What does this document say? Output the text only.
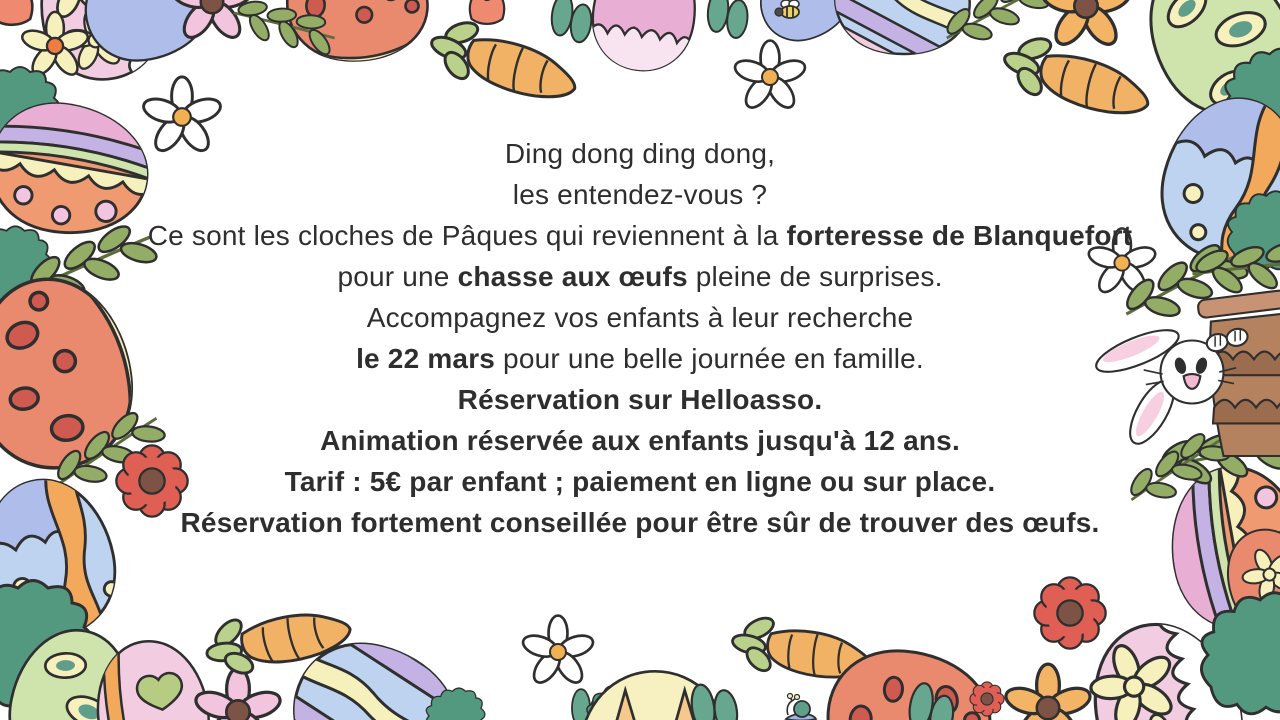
Ding dong ding dong,

les entendez-vous ?

Ce sont les cloches de Pâques qui reviennent à la forteresse de Blanquefort

pour une chasse aux œufs pleine de surprises.

Accompagnez vos enfants à leur recherche

le 22 mars pour une belle journée en famille.

Réservation sur Helloasso.

Animation réservée aux enfants jusqu'à 12 ans.

Tarif : 5€ par enfant ; paiement en ligne ou sur place.

Réservation fortement conseillée pour être sûr de trouver des œufs.
